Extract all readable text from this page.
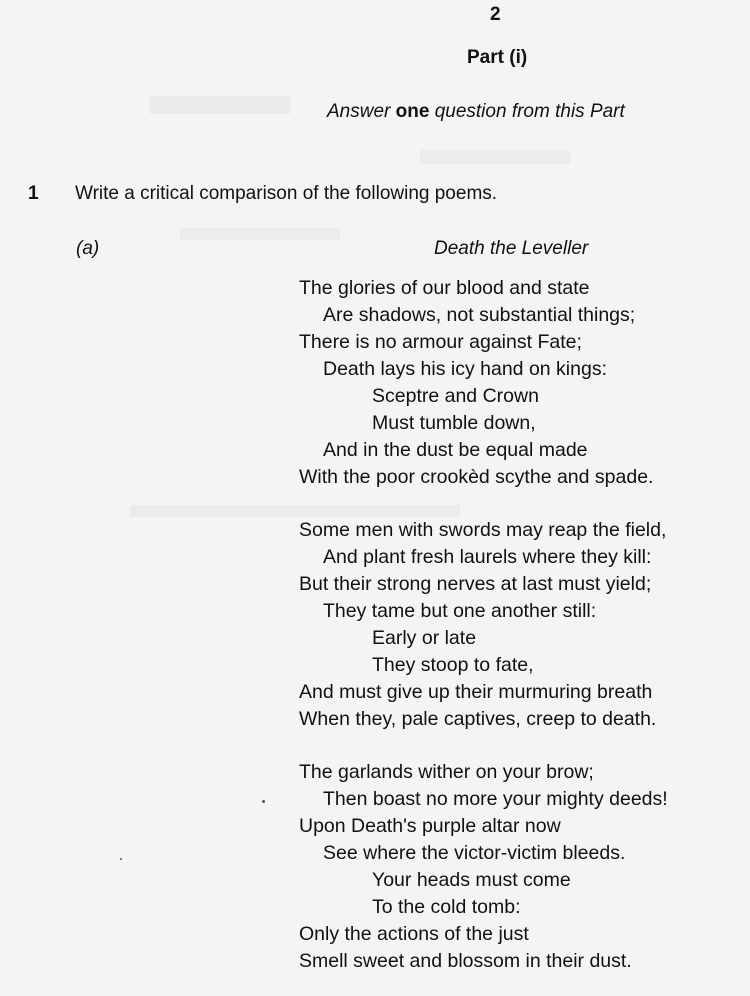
2
Part (i)
Answer one question from this Part
1 Write a critical comparison of the following poems.
(a)	Death the Leveller
The glories of our blood and state
Are shadows, not substantial things;
There is no armour against Fate;
Death lays his icy hand on kings:
Sceptre and Crown
Must tumble down,
And in the dust be equal made
With the poor crookèd scythe and spade.
Some men with swords may reap the field,
And plant fresh laurels where they kill:
But their strong nerves at last must yield;
They tame but one another still:
Early or late
They stoop to fate,
And must give up their murmuring breath
When they, pale captives, creep to death.
The garlands wither on your brow;
Then boast no more your mighty deeds!
Upon Death's purple altar now
See where the victor-victim bleeds.
Your heads must come
To the cold tomb:
Only the actions of the just
Smell sweet and blossom in their dust.
